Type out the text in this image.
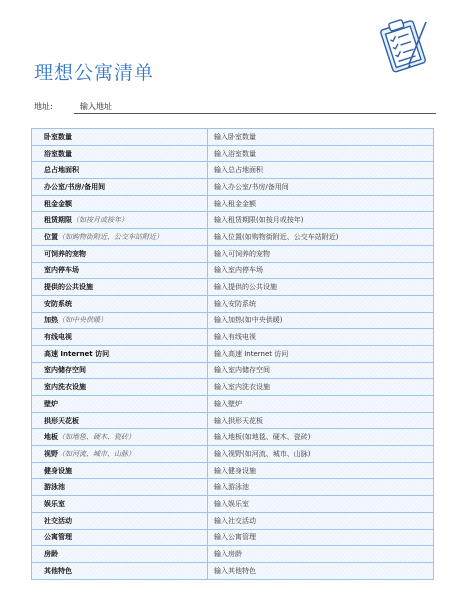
理想公寓清单
地址:	输入地址
卧室数量	输入卧室数量
浴室数量	输入浴室数量
总占地面积	输入总占地面积
办公室/书房/备用间	输入办公室/书房/备用间
租金金额	输入租金金额
租赁期限（如按月或按年）	输入租赁期限(如按月或按年)
位置（如购物街附近、公交车站附近）	输入位置(如购物街附近、公交车站附近)
可饲养的宠物	输入可饲养的宠物
室内停车场	输入室内停车场
提供的公共设施	输入提供的公共设施
安防系统	输入安防系统
加热（如中央供暖）	输入加热(如中央供暖)
有线电视	输入有线电视
高速 Internet 访问	输入高速 Internet 访问
室内储存空间	输入室内储存空间
室内洗衣设施	输入室内洗衣设施
壁炉	输入壁炉
拱形天花板	输入拱形天花板
地板（如地毯、硬木、瓷砖）	输入地板(如地毯、硬木、瓷砖)
视野（如河流、城市、山脉）	输入视野(如河流、城市、山脉)
健身设施	输入健身设施
游泳池	输入游泳池
娱乐室	输入娱乐室
社交活动	输入社交活动
公寓管理	输入公寓管理
房龄	输入房龄
其他特色	输入其他特色
